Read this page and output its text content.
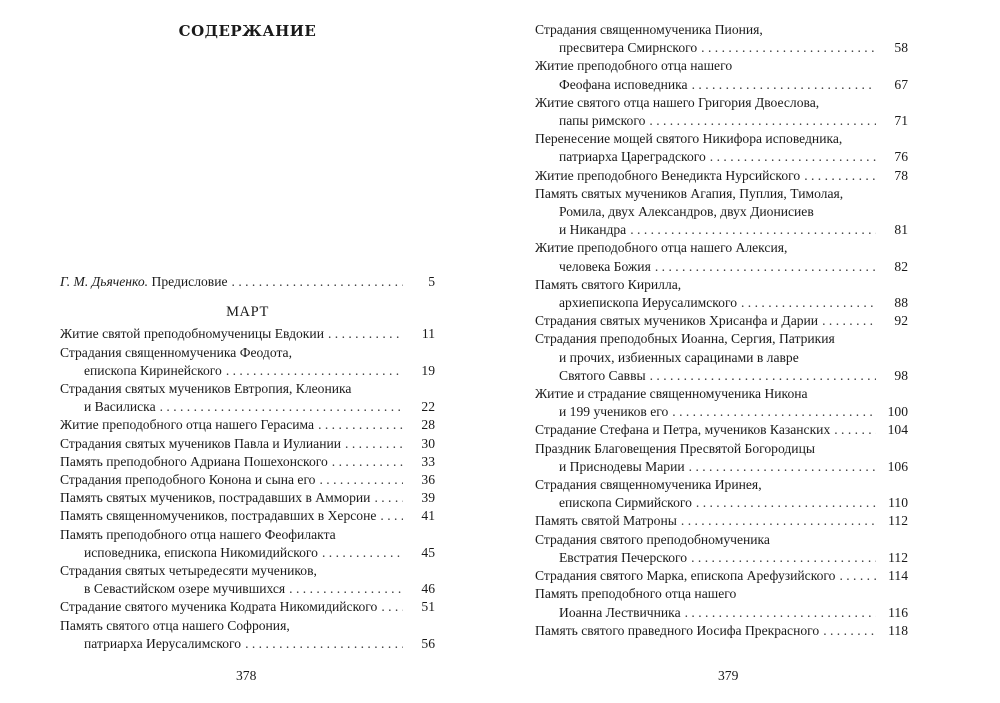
СОДЕРЖАНИЕ
Г. М. Дьяченко. Предисловие . . .	5
МАРТ
Житие святой преподобномученицы Евдокии . . .	11
Страдания священномученика Феодота,
епископа Киринейского . . .	19
Страдания святых мучеников Евтропия, Клеоника
и Василиска . . .	22
Житие преподобного отца нашего Герасима . . .	28
Страдания святых мучеников Павла и Иулиании . . .	30
Память преподобного Адриана Пошехонского . . .	33
Страдания преподобного Конона и сына его . . .	36
Память святых мучеников, пострадавших в Аммории . . .	39
Память священномучеников, пострадавших в Херсоне . . .	41
Память преподобного отца нашего Феофилакта
исповедника, епископа Никомидийского . . .	45
Страдания святых четыредесяти мучеников,
в Севастийском озере мучившихся . . .	46
Страдание святого мученика Кодрата Никомидийского . . .	51
Память святого отца нашего Софрония,
патриарха Иерусалимского . . .	56
378
Страдания священномученика Пиония,
пресвитера Смирнского . . .	58
Житие преподобного отца нашего
Феофана исповедника . . .	67
Житие святого отца нашего Григория Двоеслова,
папы римского . . .	71
Перенесение мощей святого Никифора исповедника,
патриарха Цареградского . . .	76
Житие преподобного Венедикта Нурсийского . . .	78
Память святых мучеников Агапия, Пуплия, Тимолая,
Ромила, двух Александров, двух Дионисиев
и Никандра . . .	81
Житие преподобного отца нашего Алексия,
человека Божия . . .	82
Память святого Кирилла,
архиепископа Иерусалимского . . .	88
Страдания святых мучеников Хрисанфа и Дарии . . .	92
Страдания преподобных Иоанна, Сергия, Патрикия
и прочих, избиенных сарацинами в лавре
Святого Саввы . . .	98
Житие и страдание священномученика Никона
и 199 учеников его . . .	100
Страдание Стефана и Петра, мучеников Казанских . . .	104
Праздник Благовещения Пресвятой Богородицы
и Приснодевы Марии . . .	106
Страдания священномученика Иринея,
епископа Сирмийского . . .	110
Память святой Матроны . . .	112
Страдания святого преподобномученика
Евстратия Печерского . . .	112
Страдания святого Марка, епископа Арефузийского . . .	114
Память преподобного отца нашего
Иоанна Лествичника . . .	116
Память святого праведного Иосифа Прекрасного . . .	118
379
